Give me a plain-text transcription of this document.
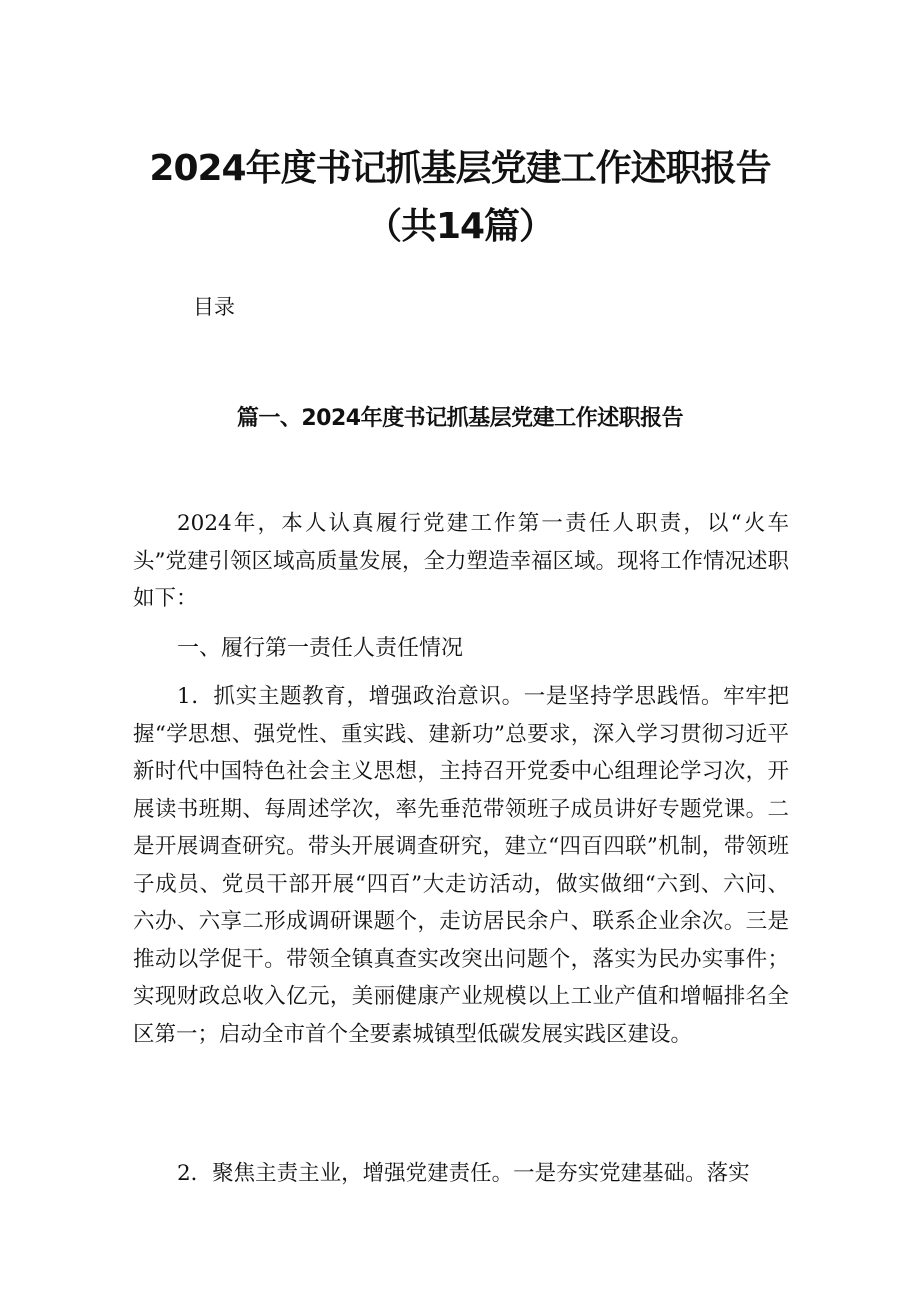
2024年度书记抓基层党建工作述职报告（共14篇）
目录
篇一、2024年度书记抓基层党建工作述职报告

2024年，本人认真履行党建工作第一责任人职责，以“火车头”党建引领区域高质量发展，全力塑造幸福区域。现将工作情况述职如下：

一、履行第一责任人责任情况

1．抓实主题教育，增强政治意识。一是坚持学思践悟。牢牢把握“学思想、强党性、重实践、建新功”总要求，深入学习贯彻习近平新时代中国特色社会主义思想，主持召开党委中心组理论学习次，开展读书班期、每周述学次，率先垂范带领班子成员讲好专题党课。二是开展调查研究。带头开展调查研究，建立“四百四联”机制，带领班子成员、党员干部开展“四百”大走访活动，做实做细“六到、六问、六办、六享二形成调研课题个，走访居民余户、联系企业余次。三是推动以学促干。带领全镇真查实改突出问题个，落实为民办实事件；实现财政总收入亿元，美丽健康产业规模以上工业产值和增幅排名全区第一；启动全市首个全要素城镇型低碳发展实践区建设。

2．聚焦主责主业，增强党建责任。一是夯实党建基础。落实
